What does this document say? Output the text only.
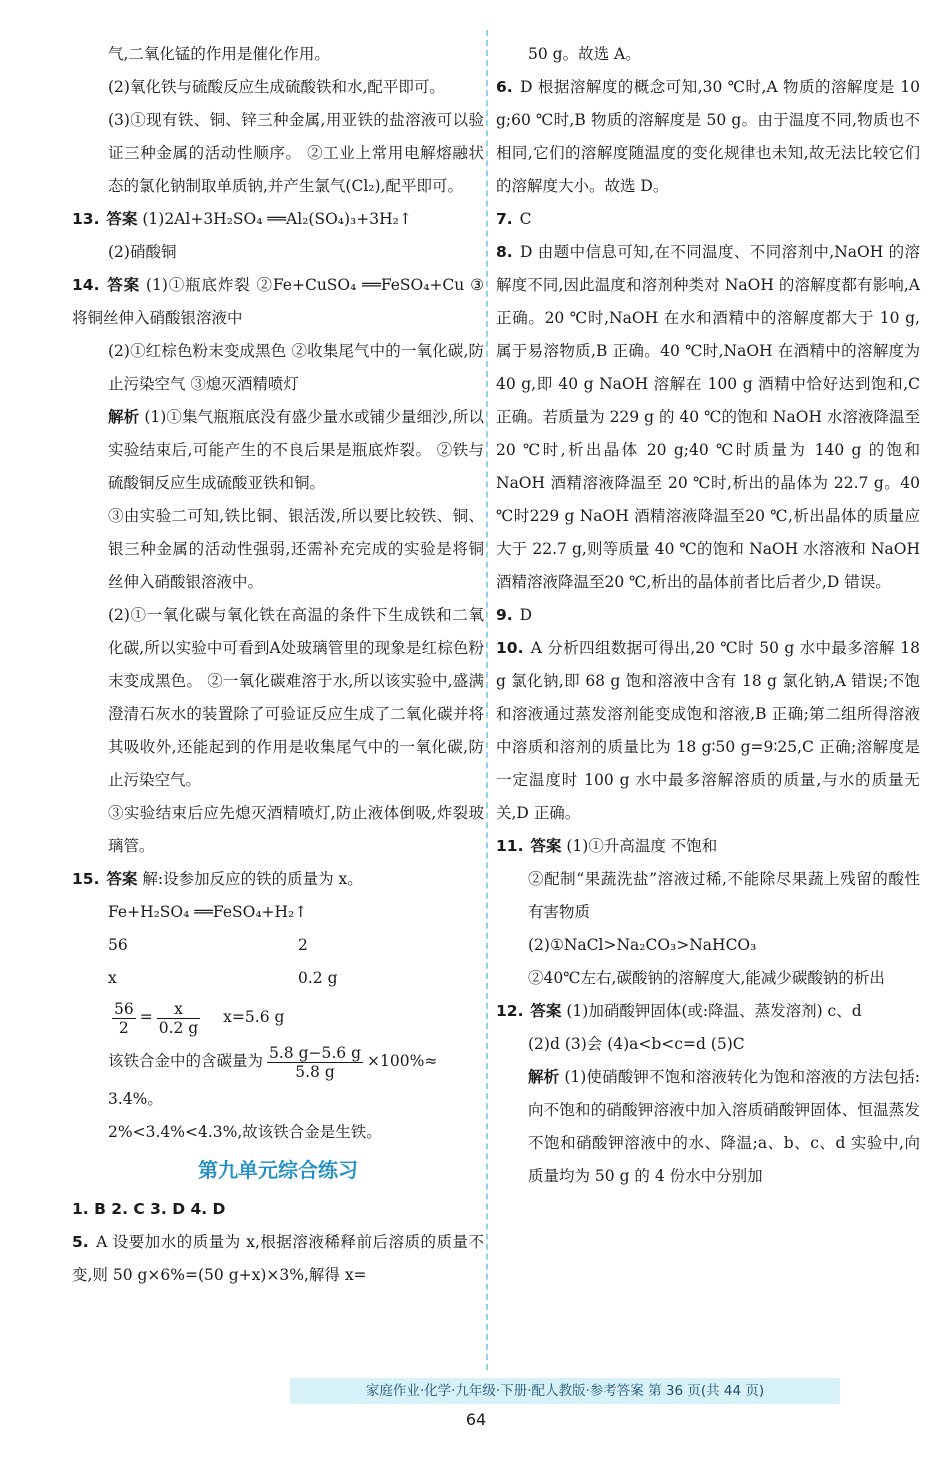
气,二氧化锰的作用是催化作用。

(2)氧化铁与硫酸反应生成硫酸铁和水,配平即可。

(3)①现有铁、铜、锌三种金属,用亚铁的盐溶液可以验证三种金属的活动性顺序。 ②工业上常用电解熔融状态的氯化钠制取单质钠,并产生氯气(Cl₂),配平即可。

13. 答案 (1)2Al+3H₂SO₄ ══Al₂(SO₄)₃+3H₂↑

(2)硝酸铜

14. 答案 (1)①瓶底炸裂 ②Fe+CuSO₄ ══FeSO₄+Cu ③将铜丝伸入硝酸银溶液中

(2)①红棕色粉末变成黑色 ②收集尾气中的一氧化碳,防止污染空气 ③熄灭酒精喷灯

解析 (1)①集气瓶瓶底没有盛少量水或铺少量细沙,所以实验结束后,可能产生的不良后果是瓶底炸裂。 ②铁与硫酸铜反应生成硫酸亚铁和铜。

③由实验二可知,铁比铜、银活泼,所以要比较铁、铜、银三种金属的活动性强弱,还需补充完成的实验是将铜丝伸入硝酸银溶液中。

(2)①一氧化碳与氧化铁在高温的条件下生成铁和二氧化碳,所以实验中可看到A处玻璃管里的现象是红棕色粉末变成黑色。 ②一氧化碳难溶于水,所以该实验中,盛满澄清石灰水的装置除了可验证反应生成了二氧化碳并将其吸收外,还能起到的作用是收集尾气中的一氧化碳,防止污染空气。

③实验结束后应先熄灭酒精喷灯,防止液体倒吸,炸裂玻璃管。

15. 答案 解:设参加反应的铁的质量为 x。

Fe+H₂SO₄ ══FeSO₄+H₂↑

56	2
x	0.2 g

$\frac{56}{2} = \frac{x}{0.2 g} x=5.6$ g

该铁合金中的含碳量为 $\frac{5.8 g-5.6 g}{5.8 g} \times 100\%\approx$

3.4%。

2%<3.4%<4.3%,故该铁合金是生铁。

第九单元综合练习

1. B 2. C 3. D 4. D

5. A 设要加水的质量为 x,根据溶液稀释前后溶质的质量不变,则 50 g×6%=(50 g+x)×3%,解得 x=

50 g。故选 A。

6. D 根据溶解度的概念可知,30 ℃时,A 物质的溶解度是 10 g;60 ℃时,B 物质的溶解度是 50 g。由于温度不同,物质也不相同,它们的溶解度随温度的变化规律也未知,故无法比较它们的溶解度大小。故选 D。

7. C

8. D 由题中信息可知,在不同温度、不同溶剂中,NaOH 的溶解度不同,因此温度和溶剂种类对 NaOH 的溶解度都有影响,A 正确。20 ℃时,NaOH 在水和酒精中的溶解度都大于 10 g,属于易溶物质,B 正确。40 ℃时,NaOH 在酒精中的溶解度为 40 g,即 40 g NaOH 溶解在 100 g 酒精中恰好达到饱和,C 正确。若质量为 229 g 的 40 ℃的饱和 NaOH 水溶液降温至 20 ℃时,析出晶体 20 g;40 ℃时质量为 140 g 的饱和 NaOH 酒精溶液降温至 20 ℃时,析出的晶体为 22.7 g。40 ℃时229 g NaOH 酒精溶液降温至20 ℃,析出晶体的质量应大于 22.7 g,则等质量 40 ℃的饱和 NaOH 水溶液和 NaOH 酒精溶液降温至20 ℃,析出的晶体前者比后者少,D 错误。

9. D

10. A 分析四组数据可得出,20 ℃时 50 g 水中最多溶解 18 g 氯化钠,即 68 g 饱和溶液中含有 18 g 氯化钠,A 错误;不饱和溶液通过蒸发溶剂能变成饱和溶液,B 正确;第二组所得溶液中溶质和溶剂的质量比为 18 g∶50 g=9∶25,C 正确;溶解度是一定温度时 100 g 水中最多溶解溶质的质量,与水的质量无关,D 正确。

11. 答案 (1)①升高温度 不饱和

②配制“果蔬洗盐”溶液过稀,不能除尽果蔬上残留的酸性有害物质

(2)①NaCl>Na₂CO₃>NaHCO₃

②40℃左右,碳酸钠的溶解度大,能减少碳酸钠的析出

12. 答案 (1)加硝酸钾固体(或:降温、蒸发溶剂) c、d

(2)d (3)会 (4)a<b<c=d (5)C

解析 (1)使硝酸钾不饱和溶液转化为饱和溶液的方法包括:向不饱和的硝酸钾溶液中加入溶质硝酸钾固体、恒温蒸发不饱和硝酸钾溶液中的水、降温;a、b、c、d 实验中,向质量均为 50 g 的 4 份水中分别加

家庭作业·化学·九年级·下册·配人教版·参考答案 第 36 页(共 44 页)
64
